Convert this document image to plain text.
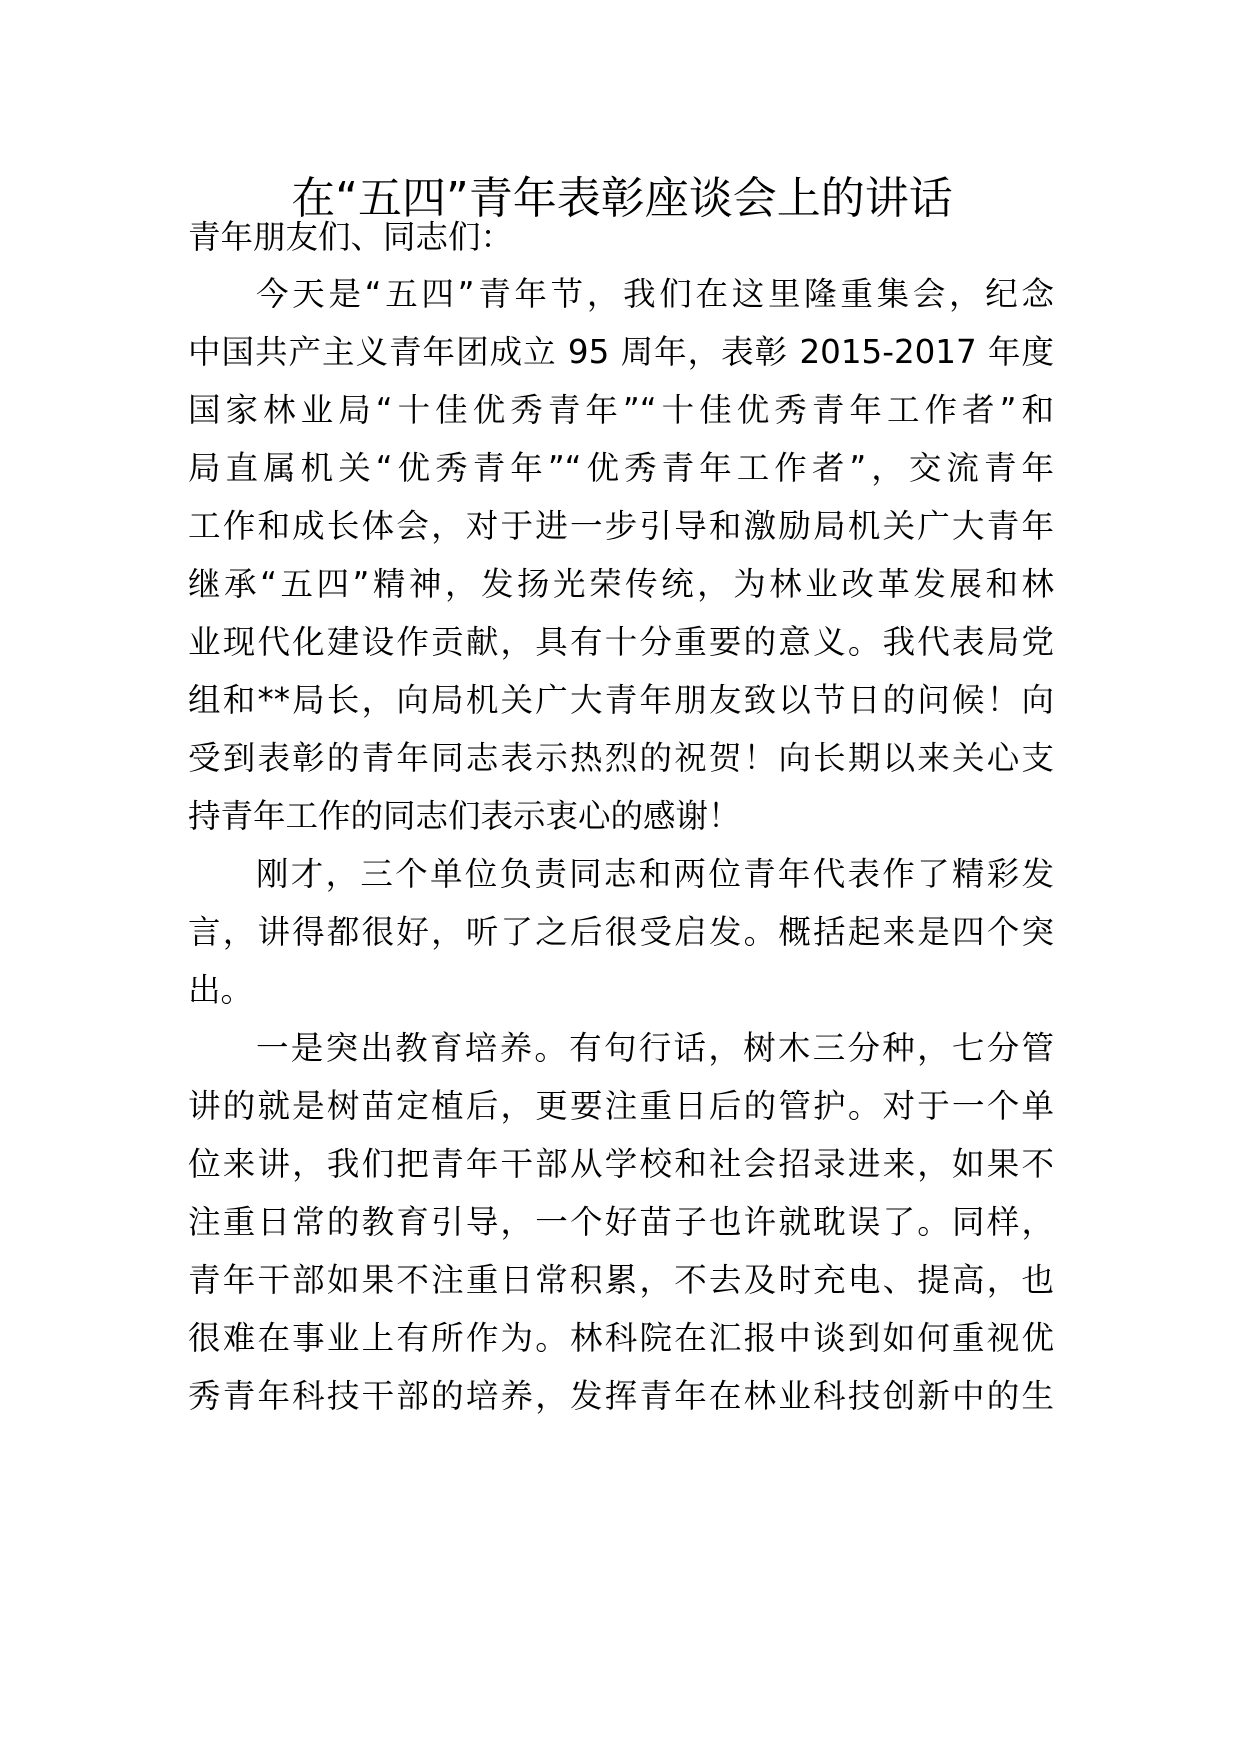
在“五四”青年表彰座谈会上的讲话

青年朋友们、同志们：

今天是“五四”青年节，我们在这里隆重集会，纪念

中国共产主义青年团成立 95 周年，表彰 2015-2017 年度

国家林业局“十佳优秀青年”“十佳优秀青年工作者”和

局直属机关“优秀青年”“优秀青年工作者”，交流青年

工作和成长体会，对于进一步引导和激励局机关广大青年

继承“五四”精神，发扬光荣传统，为林业改革发展和林

业现代化建设作贡献，具有十分重要的意义。我代表局党

组和**局长，向局机关广大青年朋友致以节日的问候！向

受到表彰的青年同志表示热烈的祝贺！向长期以来关心支

持青年工作的同志们表示衷心的感谢！

刚才，三个单位负责同志和两位青年代表作了精彩发

言，讲得都很好，听了之后很受启发。概括起来是四个突

出。

一是突出教育培养。有句行话，树木三分种，七分管

讲的就是树苗定植后，更要注重日后的管护。对于一个单

位来讲，我们把青年干部从学校和社会招录进来，如果不

注重日常的教育引导，一个好苗子也许就耽误了。同样，

青年干部如果不注重日常积累，不去及时充电、提高，也

很难在事业上有所作为。林科院在汇报中谈到如何重视优

秀青年科技干部的培养，发挥青年在林业科技创新中的生
